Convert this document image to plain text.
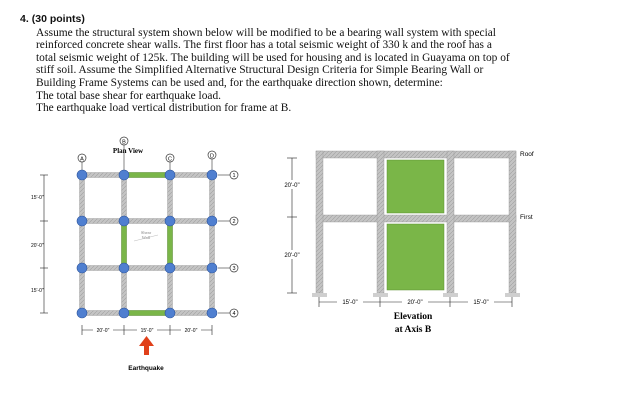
4. (30 points)
Assume the structural system shown below will be modified to be a bearing wall system with special
reinforced concrete shear walls. The first floor has a total seismic weight of 330 k and the roof has a
total seismic weight of 125k. The building will be used for housing and is located in Guayama on top of
stiff soil. Assume the Simplified Alternative Structural Design Criteria for Simple Bearing Wall or
Building Frame Systems can be used and, for the earthquake direction shown, determine:
The total base shear for earthquake load.
The earthquake load vertical distribution for frame at B.
Plan View
A
B
C	D
1
2
3
4
Shear
Wall
15'-0"
20'-0"
15'-0"
20'-0"	15'-0"	20'-0"
Earthquake
20'-0"
20'-0"
Roof
First
15'-0"	20'-0"	15'-0"
Elevation
at Axis B
